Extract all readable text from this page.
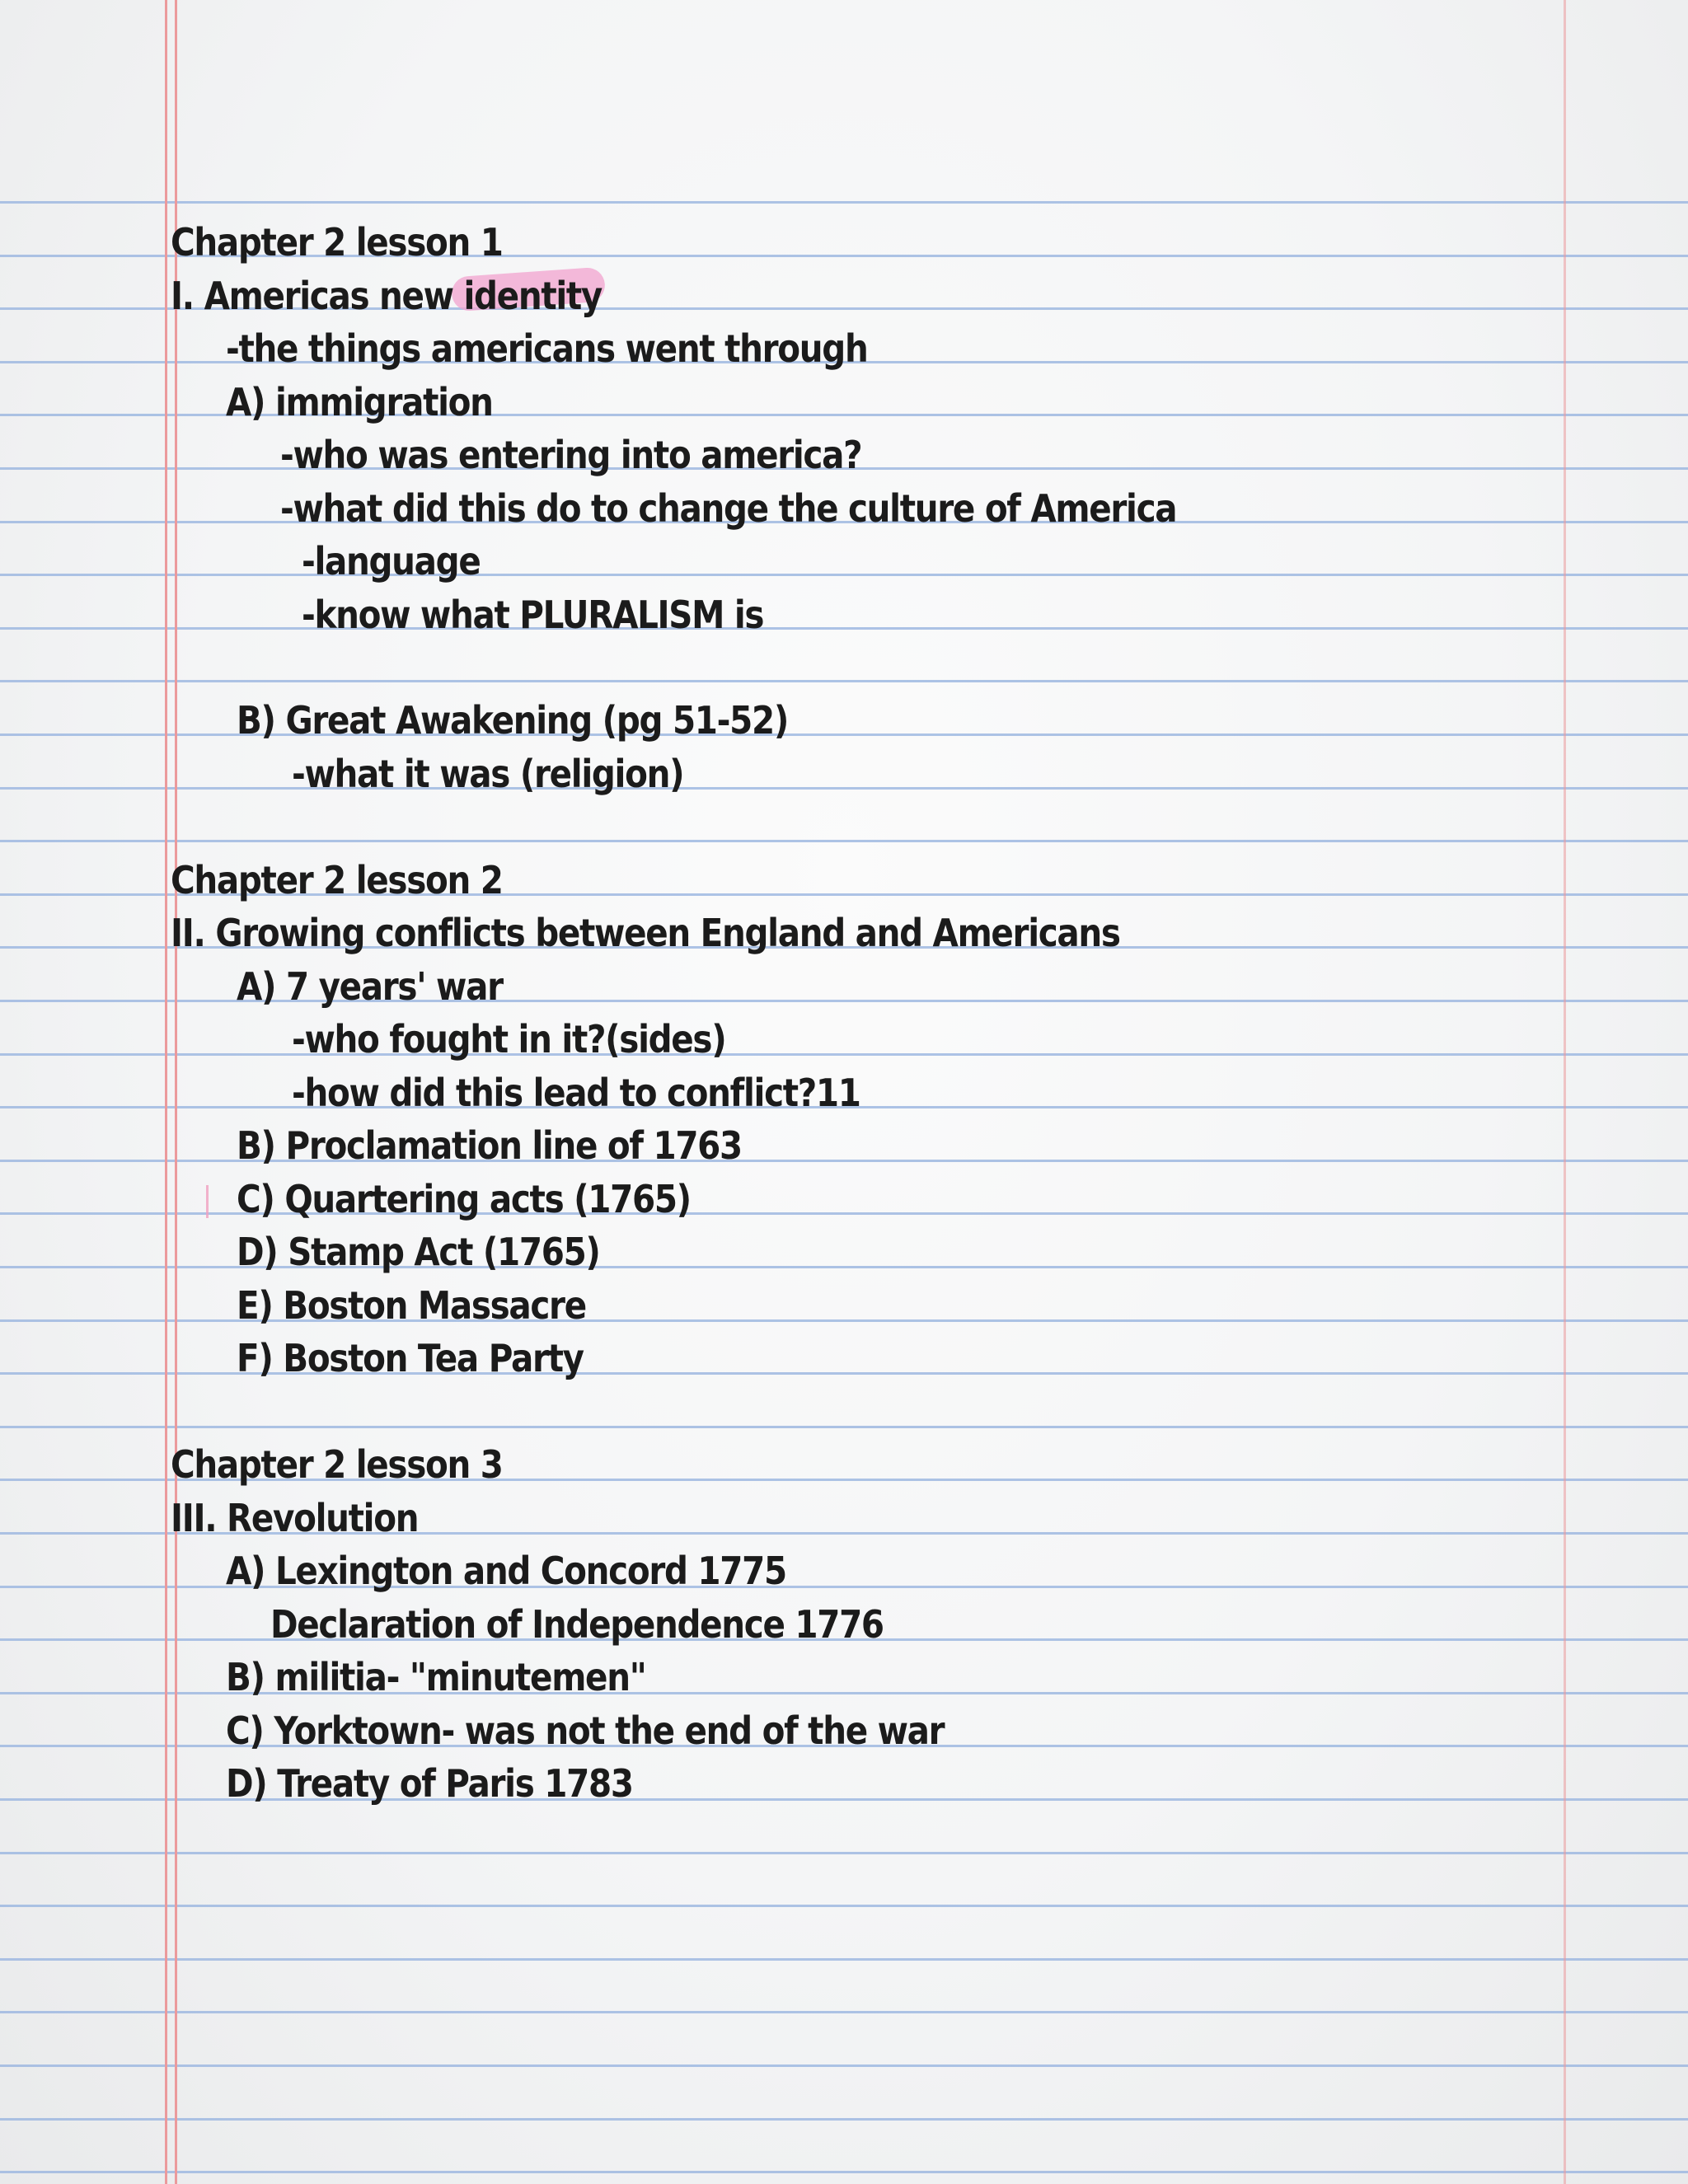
Chapter 2 lesson 1
I. Americas new identity
-the things americans went through
A) immigration
-who was entering into america?
-what did this do to change the culture of America
-language
-know what PLURALISM is
B) Great Awakening (pg 51-52)
-what it was (religion)
Chapter 2 lesson 2
II. Growing conflicts between England and Americans
A) 7 years' war
-who fought in it?(sides)
-how did this lead to conflict?11
B) Proclamation line of 1763
C) Quartering acts (1765)
D) Stamp Act (1765)
E) Boston Massacre
F) Boston Tea Party
Chapter 2 lesson 3
III. Revolution
A) Lexington and Concord 1775
Declaration of Independence 1776
B) militia- "minutemen"
C) Yorktown- was not the end of the war
D) Treaty of Paris 1783
